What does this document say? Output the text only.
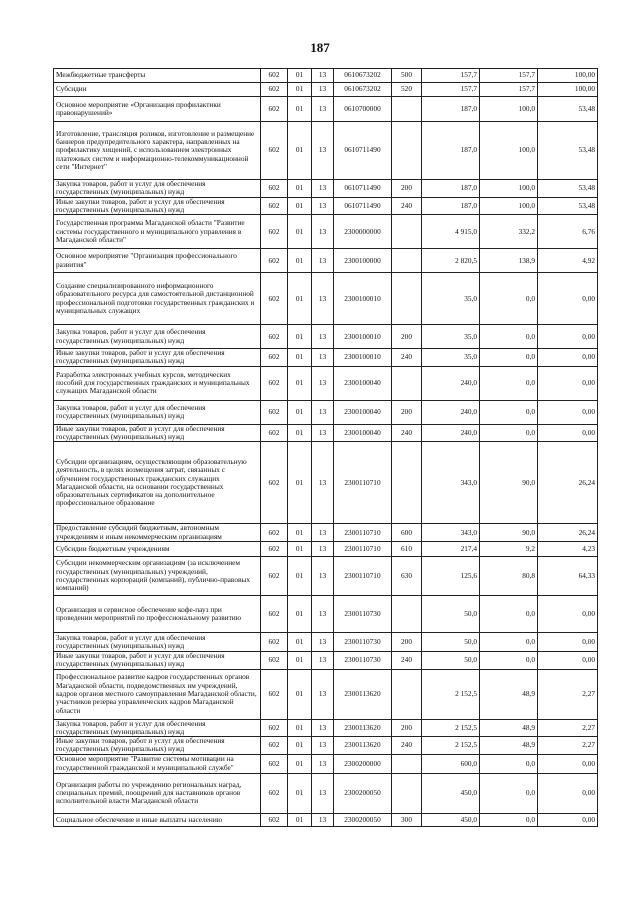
187
Межбюджетные трансферты	602	01	13	0610673202	500	157,7	157,7	100,00
Субсидии	602	01	13	0610673202	520	157,7	157,7	100,00
Основное мероприятие «Организация профилактики правонарушений»	602	01	13	0610700000		187,0	100,0	53,48
Изготовление, трансляция роликов, изготовление и размещение баннеров предупредительного характера, направленных на профилактику хищений, с использованием электронных платежных систем и информационно-телекоммуникационной сети "Интернет"	602	01	13	0610711490		187,0	100,0	53,48
Закупка товаров, работ и услуг для обеспечения государственных (муниципальных) нужд	602	01	13	0610711490	200	187,0	100,0	53,48
Иные закупки товаров, работ и услуг для обеспечения государственных (муниципальных) нужд	602	01	13	0610711490	240	187,0	100,0	53,48
Государственная программа Магаданской области "Развитие системы государственного и муниципального управления в Магаданской области"	602	01	13	2300000000		4 915,0	332,2	6,76
Основное мероприятие "Организация профессионального развития"	602	01	13	2300100000		2 820,5	138,9	4,92
Создание специализированного информационного образовательного ресурса для самостоятельной дистанционной профессиональной подготовки государственных гражданских и муниципальных служащих	602	01	13	2300100010		35,0	0,0	0,00
Закупка товаров, работ и услуг для обеспечения государственных (муниципальных) нужд	602	01	13	2300100010	200	35,0	0,0	0,00
Иные закупки товаров, работ и услуг для обеспечения государственных (муниципальных) нужд	602	01	13	2300100010	240	35,0	0,0	0,00
Разработка электронных учебных курсов, методических пособий для государственных гражданских и муниципальных служащих Магаданской области	602	01	13	2300100040		240,0	0,0	0,00
Закупка товаров, работ и услуг для обеспечения государственных (муниципальных) нужд	602	01	13	2300100040	200	240,0	0,0	0,00
Иные закупки товаров, работ и услуг для обеспечения государственных (муниципальных) нужд	602	01	13	2300100040	240	240,0	0,0	0,00
Субсидии организациям, осуществляющим образовательную деятельность, в целях возмещения затрат, связанных с обучением государственных гражданских служащих Магаданской области, на основании государственных образовательных сертификатов на дополнительное профессиональное образование	602	01	13	2300110710		343,0	90,0	26,24
Предоставление субсидий бюджетным, автономным учреждениям и иным некоммерческим организациям	602	01	13	2300110710	600	343,0	90,0	26,24
Субсидии бюджетным учреждениям	602	01	13	2300110710	610	217,4	9,2	4,23
Субсидии некоммерческим организациям (за исключением государственных (муниципальных) учреждений, государственных корпораций (компаний), публично-правовых компаний)	602	01	13	2300110710	630	125,6	80,8	64,33
Организация и сервисное обеспечение кофе-пауз при проведении мероприятий по профессиональному развитию	602	01	13	2300110730		50,0	0,0	0,00
Закупка товаров, работ и услуг для обеспечения государственных (муниципальных) нужд	602	01	13	2300110730	200	50,0	0,0	0,00
Иные закупки товаров, работ и услуг для обеспечения государственных (муниципальных) нужд	602	01	13	2300110730	240	50,0	0,0	0,00
Профессиональное развитие кадров государственных органов Магаданской области, подведомственных им учреждений, кадров органов местного самоуправления Магаданской области, участников резерва управленческих кадров Магаданской области	602	01	13	2300113620		2 152,5	48,9	2,27
Закупка товаров, работ и услуг для обеспечения государственных (муниципальных) нужд	602	01	13	2300113620	200	2 152,5	48,9	2,27
Иные закупки товаров, работ и услуг для обеспечения государственных (муниципальных) нужд	602	01	13	2300113620	240	2 152,5	48,9	2,27
Основное мероприятие "Развитие системы мотивации на государственной гражданской и муниципальной службе"	602	01	13	2300200000		600,0	0,0	0,00
Организация работы по учреждению региональных наград, специальных премий, поощрений для наставников органов исполнительной власти Магаданской области	602	01	13	2300200050		450,0	0,0	0,00
Социальное обеспечение и иные выплаты населению	602	01	13	2300200050	300	450,0	0,0	0,00
